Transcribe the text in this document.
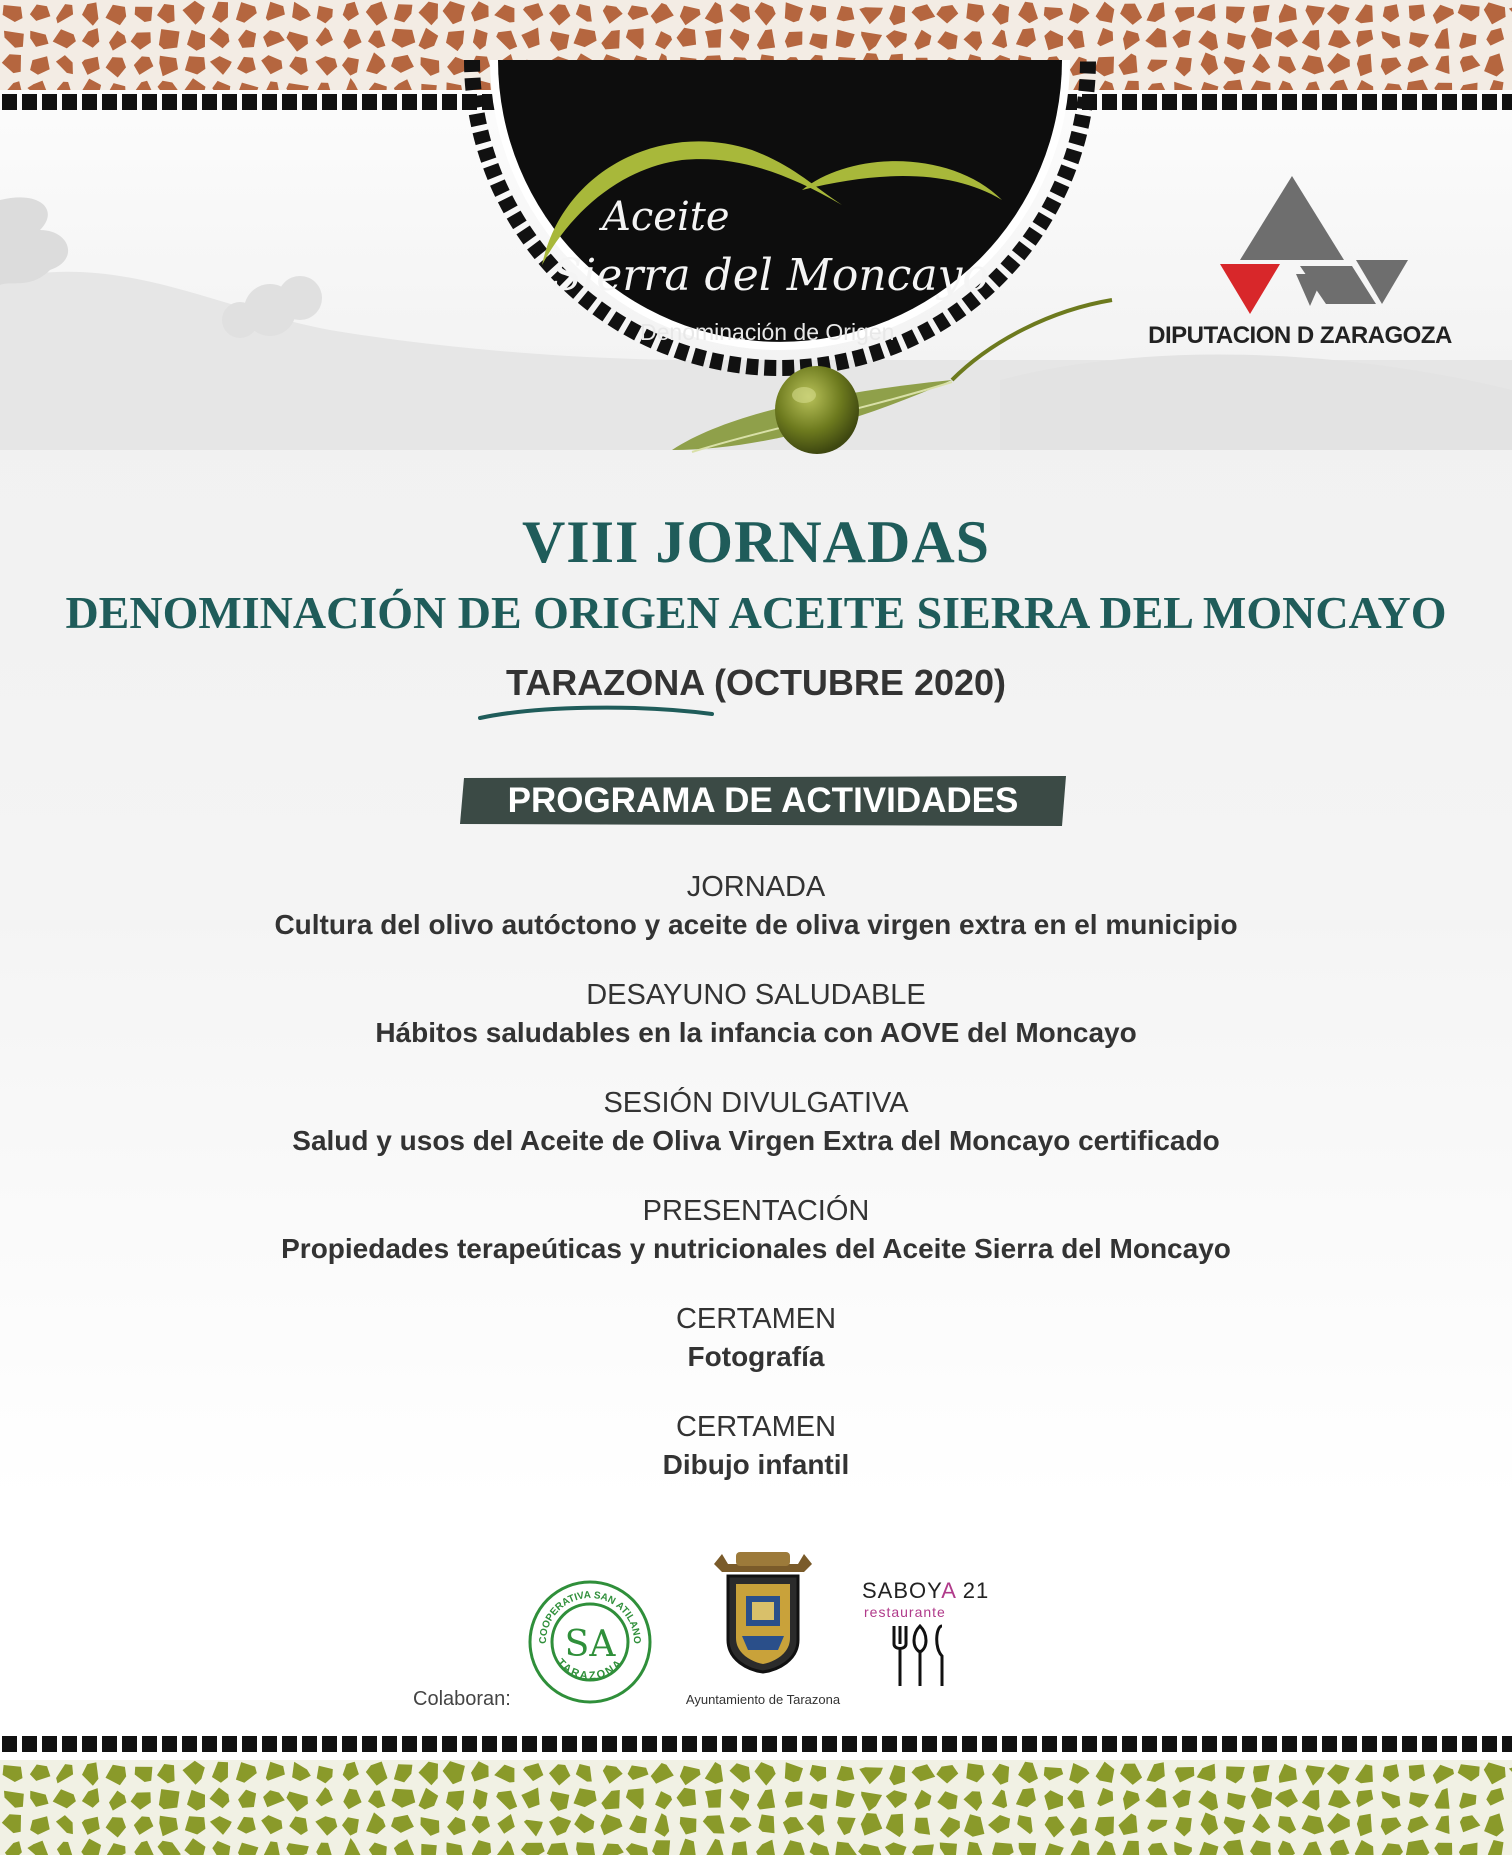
Aceite
Sierra del Moncayo
Denominación de Origen	DIPUTACION D ZARAGOZA
VIII JORNADAS
DENOMINACIÓN DE ORIGEN ACEITE SIERRA DEL MONCAYO
TARAZONA (OCTUBRE 2020)
PROGRAMA DE ACTIVIDADES
JORNADA
Cultura del olivo autóctono y aceite de oliva virgen extra en el municipio
DESAYUNO SALUDABLE
Hábitos saludables en la infancia con AOVE del Moncayo
SESIÓN DIVULGATIVA
Salud y usos del Aceite de Oliva Virgen Extra del Moncayo certificado
PRESENTACIÓN
Propiedades terapeúticas y nutricionales del Aceite Sierra del Moncayo
CERTAMEN
Fotografía
CERTAMEN
Dibujo infantil
Colaboran:
COOPERATIVA SAN ATILANO
TARAZONA
SA
Ayuntamiento de Tarazona
SABOYA 21
restaurante
